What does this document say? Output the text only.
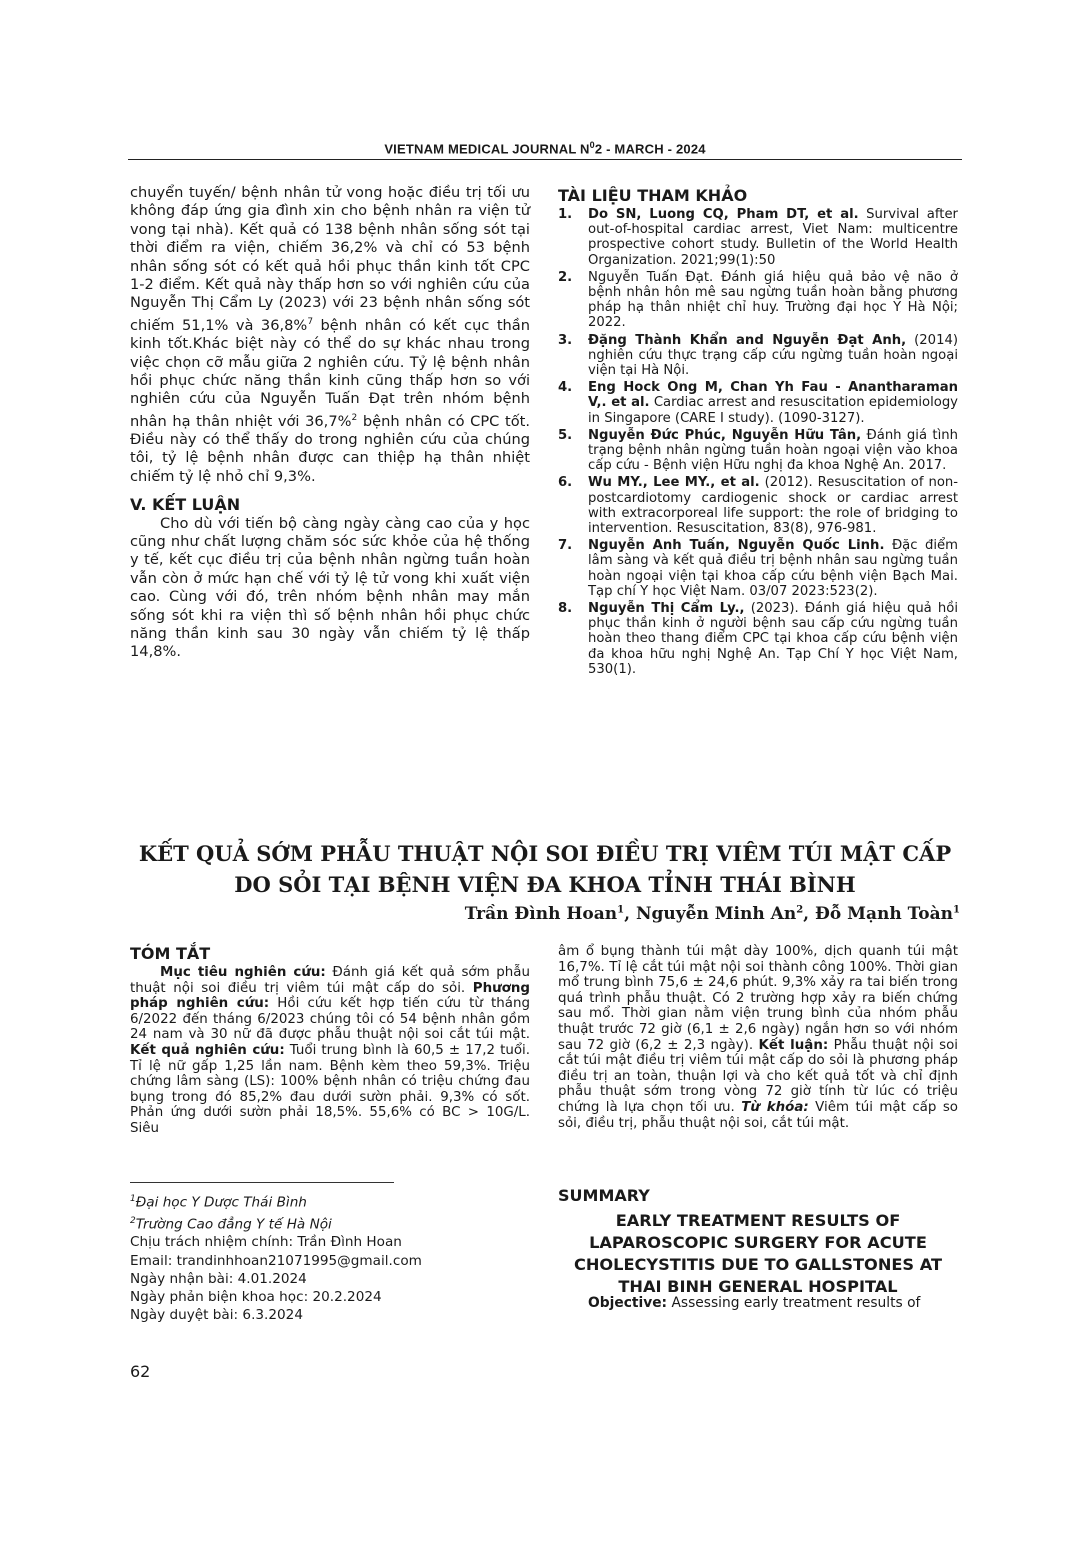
VIETNAM MEDICAL JOURNAL $N^02$ - MARCH - 2024

chuyển tuyến/ bệnh nhân tử vong hoặc điều trị tối ưu không đáp ứng gia đình xin cho bệnh nhân ra viện tử vong tại nhà). Kết quả có 138 bệnh nhân sống sót tại thời điểm ra viện, chiếm 36,2% và chỉ có 53 bệnh nhân sống sót có kết quả hồi phục thần kinh tốt CPC 1-2 điểm. Kết quả này thấp hơn so với nghiên cứu của Nguyễn Thị Cẩm Ly (2023) với 23 bệnh nhân sống sót chiếm 51,1% và 36,8%$^7$ bệnh nhân có kết cục thần kinh tốt.Khác biệt này có thể do sự khác nhau trong việc chọn cỡ mẫu giữa 2 nghiên cứu. Tỷ lệ bệnh nhân hồi phục chức năng thần kinh cũng thấp hơn so với nghiên cứu của Nguyễn Tuấn Đạt trên nhóm bệnh nhân hạ thân nhiệt với 36,7%$^2$ bệnh nhân có CPC tốt. Điều này có thể thấy do trong nghiên cứu của chúng tôi, tỷ lệ bệnh nhân được can thiệp hạ thân nhiệt chiếm tỷ lệ nhỏ chỉ 9,3%.

V. KẾT LUẬN

Cho dù với tiến bộ càng ngày càng cao của y học cũng như chất lượng chăm sóc sức khỏe của hệ thống y tế, kết cục điều trị của bệnh nhân ngừng tuần hoàn vẫn còn ở mức hạn chế với tỷ lệ tử vong khi xuất viện cao. Cùng với đó, trên nhóm bệnh nhân may mắn sống sót khi ra viện thì số bệnh nhân hồi phục chức năng thần kinh sau 30 ngày vẫn chiếm tỷ lệ thấp 14,8%.

TÀI LIỆU THAM KHẢO

1. Do SN, Luong CQ, Pham DT, et al. Survival after out-of-hospital cardiac arrest, Viet Nam: multicentre prospective cohort study. Bulletin of the World Health Organization. 2021;99(1):50
2. Nguyễn Tuấn Đạt. Đánh giá hiệu quả bảo vệ não ở bệnh nhân hôn mê sau ngừng tuần hoàn bằng phương pháp hạ thân nhiệt chỉ huy. Trường đại học Y Hà Nội; 2022.
3. Đặng Thành Khẩn and Nguyễn Đạt Anh, (2014) nghiên cứu thực trạng cấp cứu ngừng tuần hoàn ngoại viện tại Hà Nội.
4. Eng Hock Ong M, Chan Yh Fau - Anantharaman V,. et al. Cardiac arrest and resuscitation epidemiology in Singapore (CARE I study). (1090-3127).
5. Nguyễn Đức Phúc, Nguyễn Hữu Tân, Đánh giá tình trạng bệnh nhân ngừng tuần hoàn ngoại viện vào khoa cấp cứu - Bệnh viện Hữu nghị đa khoa Nghệ An. 2017.
6. Wu MY., Lee MY., et al. (2012). Resuscitation of non-postcardiotomy cardiogenic shock or cardiac arrest with extracorporeal life support: the role of bridging to intervention. Resuscitation, 83(8), 976-981.
7. Nguyễn Anh Tuấn, Nguyễn Quốc Linh. Đặc điểm lâm sàng và kết quả điều trị bệnh nhân sau ngừng tuần hoàn ngoại viện tại khoa cấp cứu bệnh viện Bạch Mai. Tạp chí Y học Việt Nam. 03/07 2023:523(2).
8. Nguyễn Thị Cẩm Ly., (2023). Đánh giá hiệu quả hồi phục thần kinh ở người bệnh sau cấp cứu ngừng tuần hoàn theo thang điểm CPC tại khoa cấp cứu bệnh viện đa khoa hữu nghị Nghệ An. Tạp Chí Y học Việt Nam, 530(1).
KẾT QUẢ SỚM PHẪU THUẬT NỘI SOI ĐIỀU TRỊ VIÊM TÚI MẬT CẤP
DO SỎI TẠI BỆNH VIỆN ĐA KHOA TỈNH THÁI BÌNH
Trần Đình Hoan$^1$, Nguyễn Minh An$^2$, Đỗ Mạnh Toàn$^1$

TÓM TẮT

Mục tiêu nghiên cứu: Đánh giá kết quả sớm phẫu thuật nội soi điều trị viêm túi mật cấp do sỏi. Phương pháp nghiên cứu: Hồi cứu kết hợp tiến cứu từ tháng 6/2022 đến tháng 6/2023 chúng tôi có 54 bệnh nhân gồm 24 nam và 30 nữ đã được phẫu thuật nội soi cắt túi mật. Kết quả nghiên cứu: Tuổi trung bình là 60,5 ± 17,2 tuổi. Tỉ lệ nữ gấp 1,25 lần nam. Bệnh kèm theo 59,3%. Triệu chứng lâm sàng (LS): 100% bệnh nhân có triệu chứng đau bụng trong đó 85,2% đau dưới sườn phải. 9,3% có sốt. Phản ứng dưới sườn phải 18,5%. 55,6% có BC > 10G/L. Siêu

âm ổ bụng thành túi mật dày 100%, dịch quanh túi mật 16,7%. Tỉ lệ cắt túi mật nội soi thành công 100%. Thời gian mổ trung bình 75,6 ± 24,6 phút. 9,3% xảy ra tai biến trong quá trình phẫu thuật. Có 2 trường hợp xảy ra biến chứng sau mổ. Thời gian nằm viện trung bình của nhóm phẫu thuật trước 72 giờ (6,1 ± 2,6 ngày) ngắn hơn so với nhóm sau 72 giờ (6,2 ± 2,3 ngày). Kết luận: Phẫu thuật nội soi cắt túi mật điều trị viêm túi mật cấp do sỏi là phương pháp điều trị an toàn, thuận lợi và cho kết quả tốt và chỉ định phẫu thuật sớm trong vòng 72 giờ tính từ lúc có triệu chứng là lựa chọn tối ưu. Từ khóa: Viêm túi mật cấp so sỏi, điều trị, phẫu thuật nội soi, cắt túi mật.

$^1$Đại học Y Dược Thái Bình
$^2$Trường Cao đẳng Y tế Hà Nội
Chịu trách nhiệm chính: Trần Đình Hoan
Email: trandinhhoan21071995@gmail.com
Ngày nhận bài: 4.01.2024
Ngày phản biện khoa học: 20.2.2024
Ngày duyệt bài: 6.3.2024

SUMMARY

EARLY TREATMENT RESULTS OF LAPAROSCOPIC SURGERY FOR ACUTE CHOLECYSTITIS DUE TO GALLSTONES AT THAI BINH GENERAL HOSPITAL

Objective: Assessing early treatment results of

62
